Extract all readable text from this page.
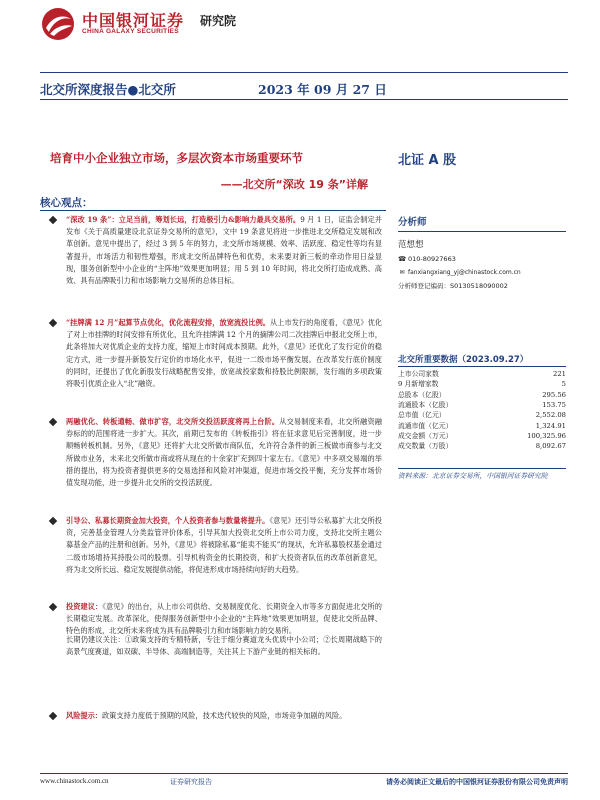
中国银河证券
CHINA GALAXY SECURITIES
研究院
北交所深度报告●北交所	2023 年 09 月 27 日
培育中小企业独立市场，多层次资本市场重要环节
——北交所“深改 19 条”详解
北证 A 股
核心观点：
“深改 19 条”：立足当前，筹划长远，打造极引力&影响力最具交易所。9 月 1 日，证监会制定并发布《关于高质量建设北京证券交易所的意见》，文中 19 条意见将进一步推进北交所稳定发展和改革创新。意见中提出了，经过 3 到 5 年的努力，北交所市场规模、效率、活跃度、稳定性等均有显著提升，市场活力和韧性增强，形成北交所品牌特色和优势，未来要对新三板的牵动作用日益显现，服务创新型中小企业的“主阵地”效果更加明显；用 5 到 10 年时间，将北交所打造成成熟、高效、具有品牌吸引力和市场影响力交易所的总体目标。
“挂牌满 12 月”起算节点优化，优化流程安排，放宽流投比例。从上市发行的角度看，《意见》优化了对上市挂牌的时间安排有所优化，且允许挂牌满 12 个月的摘牌公司二次挂牌后申报北交所上市，此条将加大对优质企业的支持力度，缩短上市时间成本预期。此外，《意见》还优化了发行定价的稳定方式，进一步提升新股发行定价的市场化水平，促进一二级市场平衡发展。在改革发行底价制度的同时，还提出了优化新股发行战略配售安排，放宽战投家数和持股比例限制，发行端的多项政策将吸引优质企业入“北”融资。
两融优化、转板通畅、做市扩容，北交所交投活跃度将再上台阶。从交易制度来看，北交所融资融券标的的范围将进一步扩大。其次，前期已发布的《转板指引》将在征求意见后完善制度，进一步顺畅转板机制。另外，《意见》还将扩大北交所做市商队伍，允许符合条件的新三板做市商参与北交所做市业务，未来北交所做市商或将从现在的十余家扩充到四十家左右。《意见》中多项交易端的举措的提出，将为投资者提供更多的交易选择和风险对冲渠道，促进市场交投平衡，充分发挥市场价值发现功能，进一步提升北交所的交投活跃度。
引导公、私募长期资金加大投资，个人投资者参与数量将提升。《意见》还引导公私募扩大北交所投资，完善基金管理人分类监管评价体系，引导其加大投资北交所上市公司力度，支持北交所主题公募基金产品的注册和创新。另外，《意见》将被除私募“能卖不能买”的现状，允许私募股权基金通过二级市场增持其持股公司的股票。引导机构资金的长期投资，和扩大投资者队伍的改革创新意见，将为北交所长远、稳定发展提供动能，将促进形成市场持续向好的大趋势。
投资建议：《意见》的出台，从上市公司供给、交易制度优化、长期资金入市等多方面促进北交所的长期稳定发展。改革深化，使得服务创新型中小企业的“主阵地”效果更加明显，促使北交所品牌、特色的形成，北交所未来将成为具有品牌吸引力和市场影响力的交易所。
长期仍建议关注：①政策支持的专精特新，专注于细分赛道龙头优质中小公司；②长周期战略下的高景气度赛道，如双碳、半导体、高端制造等，关注其上下游产业链的相关标的。
风险提示：政策支持力度低于预期的风险，技术迭代较快的风险，市场竞争加剧的风险。
分析师
范想想
☎ 010-80927663
✉ fanxiangxiang_yj@chinastock.com.cn
分析师登记编码：S0130518090002
北交所重要数据（2023.09.27）
上市公司家数	221
9 月新增家数	5
总股本（亿股）	295.56
流通股本（亿股）	153.75
总市值（亿元）	2,552.08
流通市值（亿元）	1,324.91
成交金额（万元）	100,325.96
成交数量（万股）	8,092.67
资料来源：北京证券交易所，中国银河证券研究院
www.chinastock.com.cn	证券研究报告	请务必阅读正文最后的中国银河证券股份有限公司免责声明
